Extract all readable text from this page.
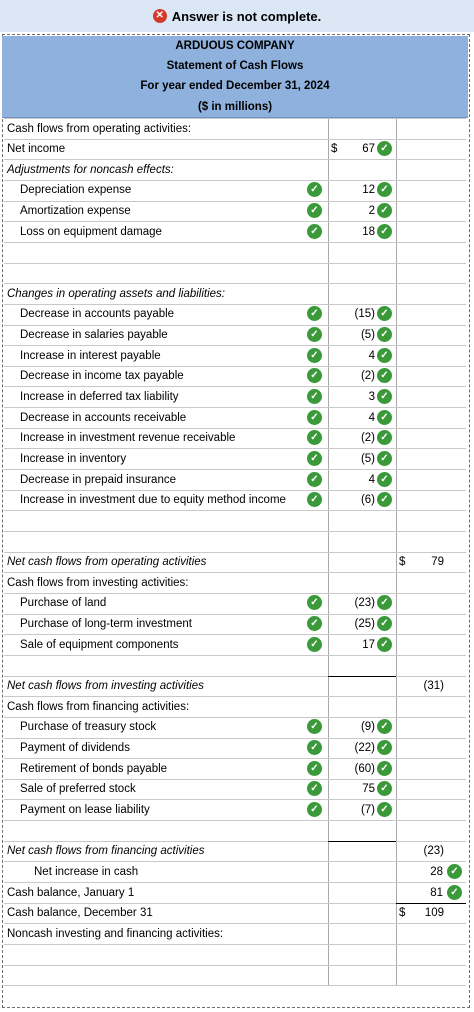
✕ Answer is not complete.
ARDUOUS COMPANY
Statement of Cash Flows
For year ended December 31, 2024
($ in millions)
Cash flows from operating activities:
Net income	$	67 ✓
Adjustments for noncash effects:
Depreciation expense	✓	12 ✓
Amortization expense	✓	2 ✓
Loss on equipment damage	✓	18 ✓
Changes in operating assets and liabilities:
Decrease in accounts payable	✓	(15) ✓
Decrease in salaries payable	✓	(5) ✓
Increase in interest payable	✓	4 ✓
Decrease in income tax payable	✓	(2) ✓
Increase in deferred tax liability	✓	3 ✓
Decrease in accounts receivable	✓	4 ✓
Increase in investment revenue receivable	✓	(2) ✓
Increase in inventory	✓	(5) ✓
Decrease in prepaid insurance	✓	4 ✓
Increase in investment due to equity method income	✓	(6) ✓
Net cash flows from operating activities	$	79
Cash flows from investing activities:
Purchase of land	✓	(23) ✓
Purchase of long-term investment	✓	(25) ✓
Sale of equipment components	✓	17 ✓
Net cash flows from investing activities	(31)
Cash flows from financing activities:
Purchase of treasury stock	✓	(9) ✓
Payment of dividends	✓	(22) ✓
Retirement of bonds payable	✓	(60) ✓
Sale of preferred stock	✓	75 ✓
Payment on lease liability	✓	(7) ✓
Net cash flows from financing activities	(23)
Net increase in cash	28 ✓
Cash balance, January 1	81 ✓
Cash balance, December 31	$	109
Noncash investing and financing activities:
